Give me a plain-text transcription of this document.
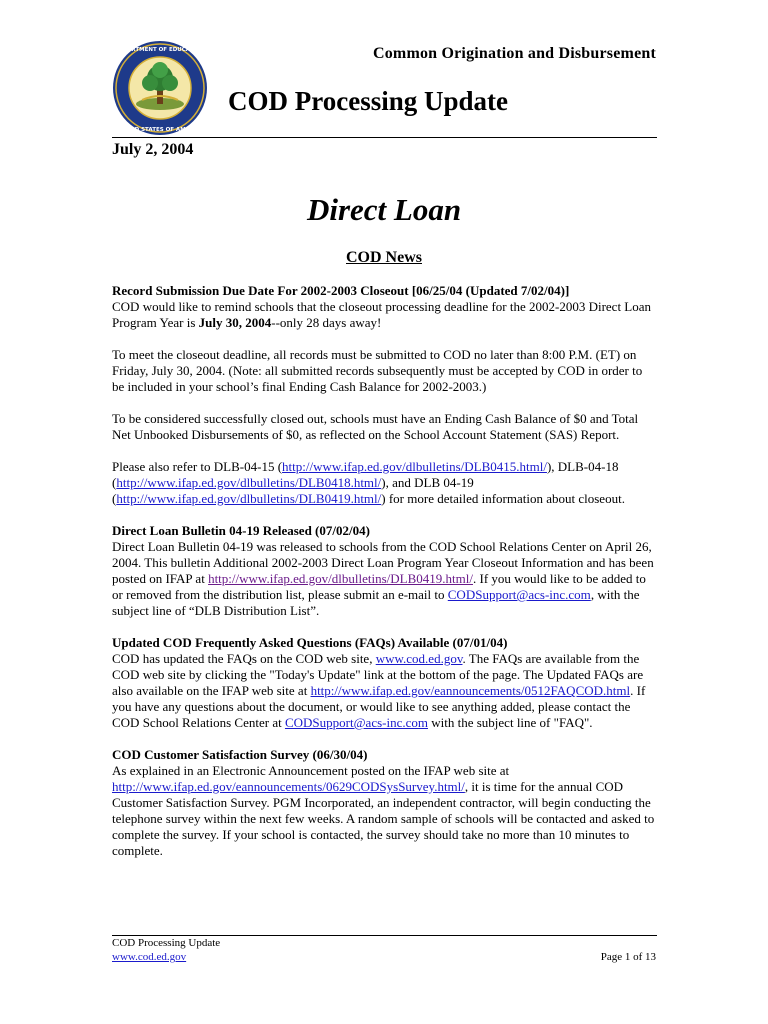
DEPARTMENT OF EDUCATION
UNITED STATES OF AMERICA
Common Origination and Disbursement
COD Processing Update
July 2, 2004
Direct Loan
COD News
Record Submission Due Date For 2002-2003 Closeout [06/25/04 (Updated 7/02/04)]

COD would like to remind schools that the closeout processing deadline for the 2002-2003 Direct Loan Program Year is July 30, 2004--only 28 days away!

To meet the closeout deadline, all records must be submitted to COD no later than 8:00 P.M. (ET) on Friday, July 30, 2004. (Note: all submitted records subsequently must be accepted by COD in order to be included in your school’s final Ending Cash Balance for 2002-2003.)

To be considered successfully closed out, schools must have an Ending Cash Balance of $0 and Total Net Unbooked Disbursements of $0, as reflected on the School Account Statement (SAS) Report.

Please also refer to DLB-04-15 (http://www.ifap.ed.gov/dlbulletins/DLB0415.html/), DLB-04-18 (http://www.ifap.ed.gov/dlbulletins/DLB0418.html/), and DLB 04-19 (http://www.ifap.ed.gov/dlbulletins/DLB0419.html/) for more detailed information about closeout.

Direct Loan Bulletin 04-19 Released (07/02/04)

Direct Loan Bulletin 04-19 was released to schools from the COD School Relations Center on April 26, 2004. This bulletin Additional 2002-2003 Direct Loan Program Year Closeout Information and has been posted on IFAP at http://www.ifap.ed.gov/dlbulletins/DLB0419.html/. If you would like to be added to or removed from the distribution list, please submit an e-mail to CODSupport@acs-inc.com, with the subject line of “DLB Distribution List”.

Updated COD Frequently Asked Questions (FAQs) Available (07/01/04)

COD has updated the FAQs on the COD web site, www.cod.ed.gov. The FAQs are available from the COD web site by clicking the "Today's Update" link at the bottom of the page. The Updated FAQs are also available on the IFAP web site at http://www.ifap.ed.gov/eannouncements/0512FAQCOD.html. If you have any questions about the document, or would like to see anything added, please contact the COD School Relations Center at CODSupport@acs-inc.com with the subject line of "FAQ".

COD Customer Satisfaction Survey (06/30/04)

As explained in an Electronic Announcement posted on the IFAP web site at http://www.ifap.ed.gov/eannouncements/0629CODSysSurvey.html/, it is time for the annual COD Customer Satisfaction Survey. PGM Incorporated, an independent contractor, will begin conducting the telephone survey within the next few weeks. A random sample of schools will be contacted and asked to complete the survey. If your school is contacted, the survey should take no more than 10 minutes to complete.

COD Processing Update
www.cod.ed.gov	Page 1 of 13
